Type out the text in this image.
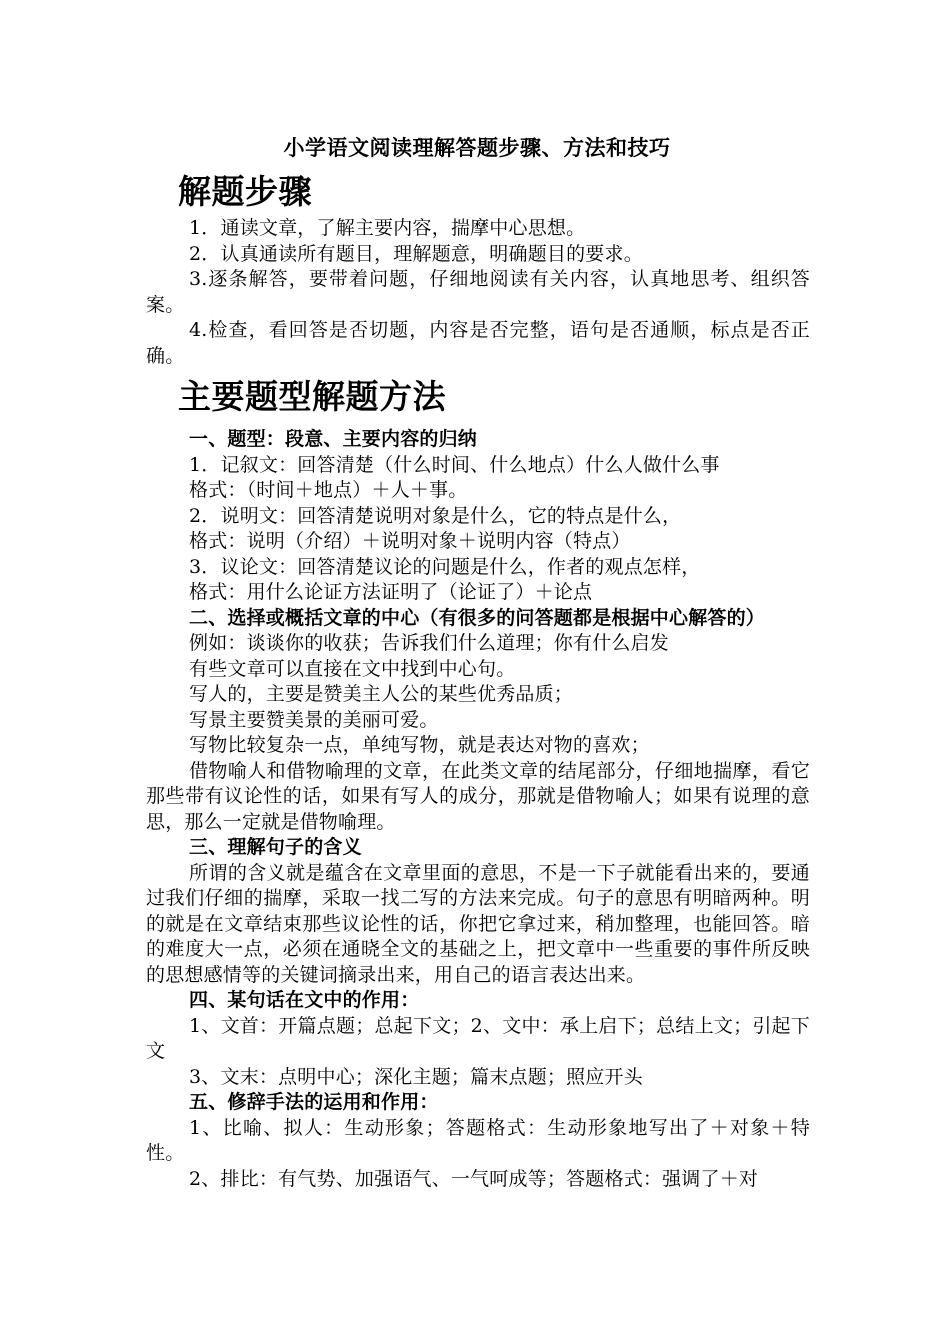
小学语文阅读理解答题步骤、方法和技巧
解题步骤

1．通读文章，了解主要内容，揣摩中心思想。

2．认真通读所有题目，理解题意，明确题目的要求。

3.逐条解答，要带着问题，仔细地阅读有关内容，认真地思考、组织答案。

4.检查，看回答是否切题，内容是否完整，语句是否通顺，标点是否正确。

主要题型解题方法

一、题型：段意、主要内容的归纳

1．记叙文：回答清楚（什么时间、什么地点）什么人做什么事

格式：（时间＋地点）＋人＋事。

2．说明文：回答清楚说明对象是什么，它的特点是什么，

格式：说明（介绍）＋说明对象＋说明内容（特点）

3．议论文：回答清楚议论的问题是什么，作者的观点怎样，

格式：用什么论证方法证明了（论证了）＋论点

二、选择或概括文章的中心（有很多的问答题都是根据中心解答的）

例如：谈谈你的收获；告诉我们什么道理；你有什么启发

有些文章可以直接在文中找到中心句。

写人的，主要是赞美主人公的某些优秀品质；

写景主要赞美景的美丽可爱。

写物比较复杂一点，单纯写物，就是表达对物的喜欢；

借物喻人和借物喻理的文章，在此类文章的结尾部分，仔细地揣摩，看它那些带有议论性的话，如果有写人的成分，那就是借物喻人；如果有说理的意思，那么一定就是借物喻理。

三、理解句子的含义

所谓的含义就是蕴含在文章里面的意思，不是一下子就能看出来的，要通过我们仔细的揣摩，采取一找二写的方法来完成。句子的意思有明暗两种。明的就是在文章结束那些议论性的话，你把它拿过来，稍加整理，也能回答。暗的难度大一点，必须在通晓全文的基础之上，把文章中一些重要的事件所反映的思想感情等的关键词摘录出来，用自己的语言表达出来。

四、某句话在文中的作用：

1、文首：开篇点题；总起下文；2、文中：承上启下；总结上文；引起下文

3、文末：点明中心；深化主题；篇末点题；照应开头

五、修辞手法的运用和作用：

1、比喻、拟人：生动形象；答题格式：生动形象地写出了＋对象＋特性。

2、排比：有气势、加强语气、一气呵成等；答题格式：强调了＋对
